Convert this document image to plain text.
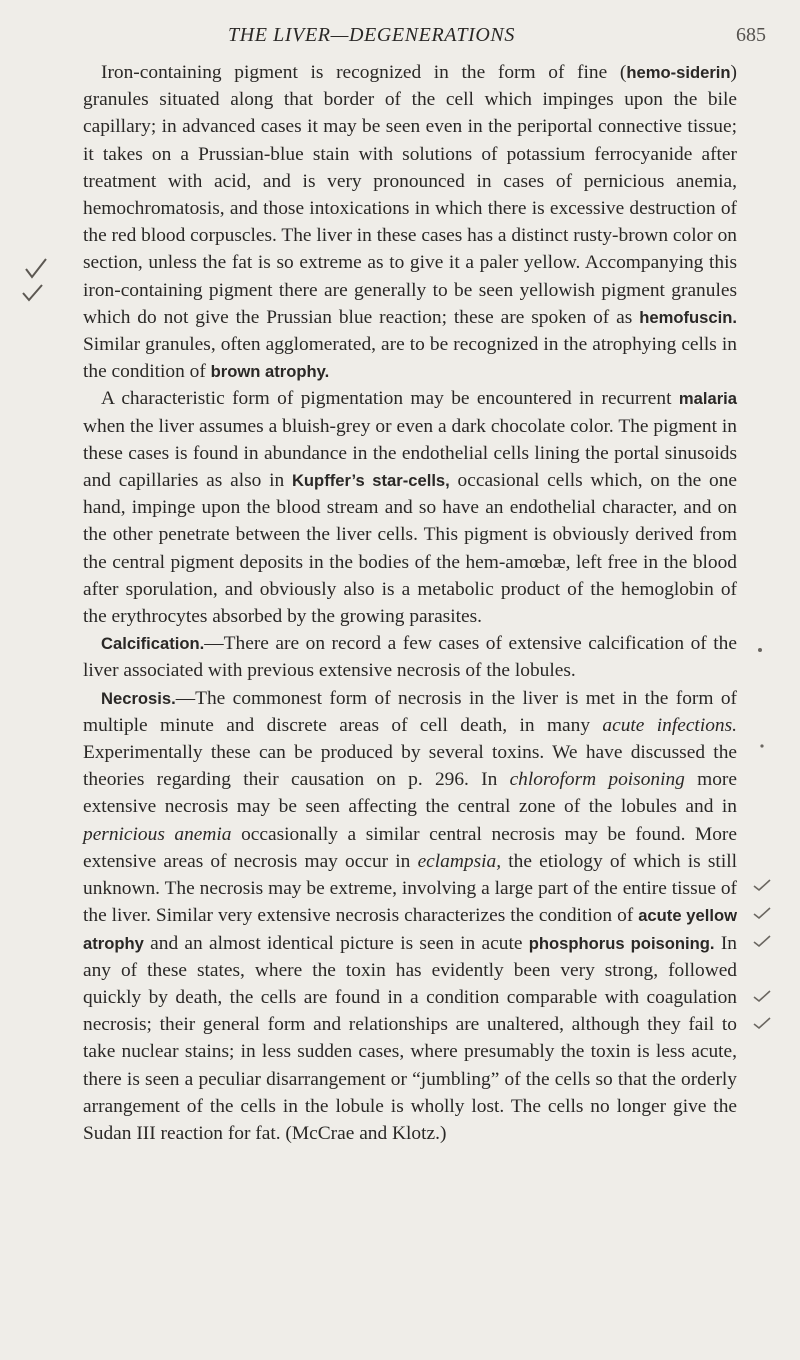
THE LIVER—DEGENERATIONS	685

Iron-containing pigment is recognized in the form of fine (hemo-siderin) granules situated along that border of the cell which impinges upon the bile capillary; in advanced cases it may be seen even in the periportal connective tissue; it takes on a Prussian-blue stain with solutions of potassium ferrocyanide after treatment with acid, and is very pronounced in cases of pernicious anemia, hemochromatosis, and those intoxications in which there is excessive destruction of the red blood corpuscles. The liver in these cases has a distinct rusty-brown color on section, unless the fat is so extreme as to give it a paler yellow. Accompanying this iron-containing pigment there are generally to be seen yellowish pigment granules which do not give the Prussian blue reaction; these are spoken of as hemofuscin. Similar granules, often agglomerated, are to be recognized in the atrophying cells in the condition of brown atrophy.

A characteristic form of pigmentation may be encountered in recurrent malaria when the liver assumes a bluish-grey or even a dark chocolate color. The pigment in these cases is found in abundance in the endothelial cells lining the portal sinusoids and capillaries as also in Kupffer’s star-cells, occasional cells which, on the one hand, impinge upon the blood stream and so have an endothelial character, and on the other penetrate between the liver cells. This pigment is obviously derived from the central pigment deposits in the bodies of the hem-amœbæ, left free in the blood after sporulation, and obviously also is a metabolic product of the hemoglobin of the erythrocytes absorbed by the growing parasites.

Calcification.—There are on record a few cases of extensive calcification of the liver associated with previous extensive necrosis of the lobules.

Necrosis.—The commonest form of necrosis in the liver is met in the form of multiple minute and discrete areas of cell death, in many acute infections. Experimentally these can be produced by several toxins. We have discussed the theories regarding their causation on p. 296. In chloroform poisoning more extensive necrosis may be seen affecting the central zone of the lobules and in pernicious anemia occasionally a similar central necrosis may be found. More extensive areas of necrosis may occur in eclampsia, the etiology of which is still unknown. The necrosis may be extreme, involving a large part of the entire tissue of the liver. Similar very extensive necrosis characterizes the condition of acute yellow atrophy and an almost identical picture is seen in acute phosphorus poisoning. In any of these states, where the toxin has evidently been very strong, followed quickly by death, the cells are found in a condition comparable with coagulation necrosis; their general form and relationships are unaltered, although they fail to take nuclear stains; in less sudden cases, where presumably the toxin is less acute, there is seen a peculiar disarrangement or “jumbling” of the cells so that the orderly arrangement of the cells in the lobule is wholly lost. The cells no longer give the Sudan III reaction for fat. (McCrae and Klotz.)
